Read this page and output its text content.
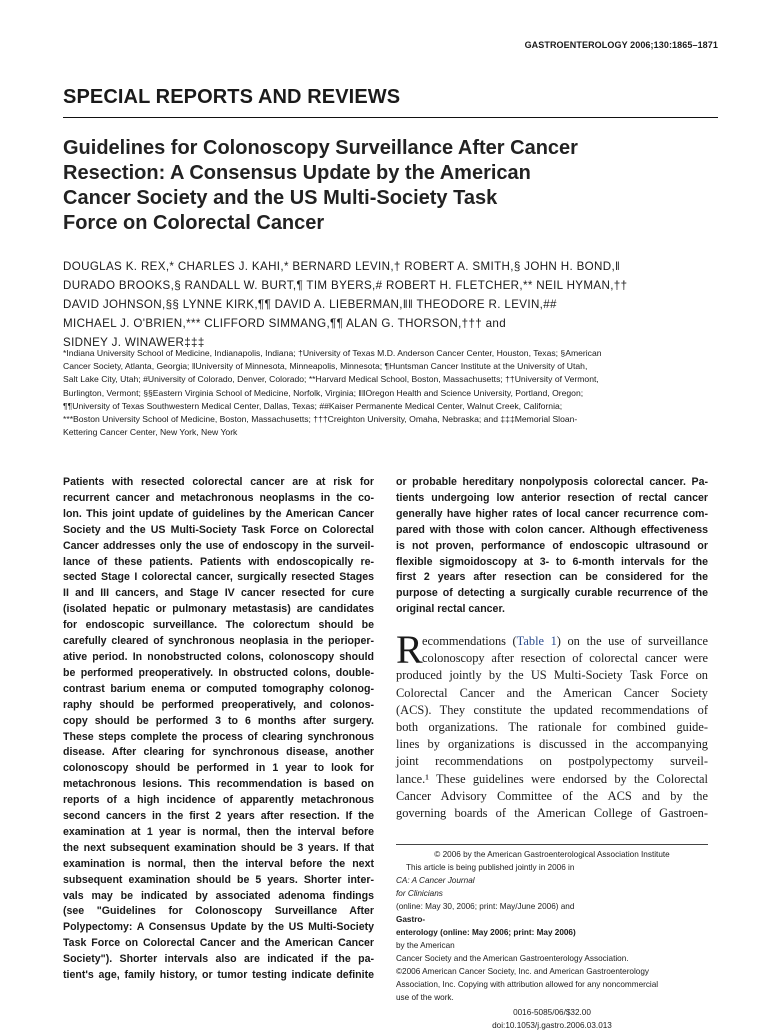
GASTROENTEROLOGY 2006;130:1865–1871
SPECIAL REPORTS AND REVIEWS
Guidelines for Colonoscopy Surveillance After Cancer
Resection: A Consensus Update by the American
Cancer Society and the US Multi-Society Task
Force on Colorectal Cancer
DOUGLAS K. REX,* CHARLES J. KAHI,* BERNARD LEVIN,† ROBERT A. SMITH,§ JOHN H. BOND,‖
DURADO BROOKS,§ RANDALL W. BURT,¶ TIM BYERS,# ROBERT H. FLETCHER,** NEIL HYMAN,††
DAVID JOHNSON,§§ LYNNE KIRK,¶¶ DAVID A. LIEBERMAN,‖‖ THEODORE R. LEVIN,##
MICHAEL J. O'BRIEN,*** CLIFFORD SIMMANG,¶¶ ALAN G. THORSON,††† and
SIDNEY J. WINAWER‡‡‡
*Indiana University School of Medicine, Indianapolis, Indiana; †University of Texas M.D. Anderson Cancer Center, Houston, Texas; §American
Cancer Society, Atlanta, Georgia; ‖University of Minnesota, Minneapolis, Minnesota; ¶Huntsman Cancer Institute at the University of Utah,
Salt Lake City, Utah; #University of Colorado, Denver, Colorado; **Harvard Medical School, Boston, Massachusetts; ††University of Vermont,
Burlington, Vermont; §§Eastern Virginia School of Medicine, Norfolk, Virginia; ‖‖Oregon Health and Science University, Portland, Oregon;
¶¶University of Texas Southwestern Medical Center, Dallas, Texas; ##Kaiser Permanente Medical Center, Walnut Creek, California;
***Boston University School of Medicine, Boston, Massachusetts; †††Creighton University, Omaha, Nebraska; and ‡‡‡Memorial Sloan-
Kettering Cancer Center, New York, New York
Patients with resected colorectal cancer are at risk for
recurrent cancer and metachronous neoplasms in the co-
lon. This joint update of guidelines by the American Cancer
Society and the US Multi-Society Task Force on Colorectal
Cancer addresses only the use of endoscopy in the surveil-
lance of these patients. Patients with endoscopically re-
sected Stage I colorectal cancer, surgically resected Stages
II and III cancers, and Stage IV cancer resected for cure
(isolated hepatic or pulmonary metastasis) are candidates
for endoscopic surveillance. The colorectum should be
carefully cleared of synchronous neoplasia in the perioper-
ative period. In nonobstructed colons, colonoscopy should
be performed preoperatively. In obstructed colons, double-
contrast barium enema or computed tomography colonog-
raphy should be performed preoperatively, and colonos-
copy should be performed 3 to 6 months after surgery.
These steps complete the process of clearing synchronous
disease. After clearing for synchronous disease, another
colonoscopy should be performed in 1 year to look for
metachronous lesions. This recommendation is based on
reports of a high incidence of apparently metachronous
second cancers in the first 2 years after resection. If the
examination at 1 year is normal, then the interval before
the next subsequent examination should be 3 years. If that
examination is normal, then the interval before the next
subsequent examination should be 5 years. Shorter inter-
vals may be indicated by associated adenoma findings
(see "Guidelines for Colonoscopy Surveillance After
Polypectomy: A Consensus Update by the US Multi-Society
Task Force on Colorectal Cancer and the American Cancer
Society"). Shorter intervals also are indicated if the pa-
tient's age, family history, or tumor testing indicate definite
or probable hereditary nonpolyposis colorectal cancer. Pa-
tients undergoing low anterior resection of rectal cancer
generally have higher rates of local cancer recurrence com-
pared with those with colon cancer. Although effectiveness
is not proven, performance of endoscopic ultrasound or
flexible sigmoidoscopy at 3- to 6-month intervals for the
first 2 years after resection can be considered for the
purpose of detecting a surgically curable recurrence of the
original rectal cancer.
R ecommendations (Table 1) on the use of surveillance
colonoscopy after resection of colorectal cancer were
produced jointly by the US Multi-Society Task Force on
Colorectal Cancer and the American Cancer Society
(ACS). They constitute the updated recommendations of
both organizations. The rationale for combined guide-
lines by organizations is discussed in the accompanying
joint recommendations on postpolypectomy surveil-
lance.¹ These guidelines were endorsed by the Colorectal
Cancer Advisory Committee of the ACS and by the
governing boards of the American College of Gastroen-
© 2006 by the American Gastroenterological Association Institute
This article is being published jointly in 2006 in
CA: A Cancer Journal
for Clinicians
(online: May 30, 2006; print: May/June 2006) and
Gastro-
enterology (online: May 2006; print: May 2006)
by the American
Cancer Society and the American Gastroenterology Association.
©2006 American Cancer Society, Inc. and American Gastroenterology
Association, Inc. Copying with attribution allowed for any noncommercial
use of the work.
0016-5085/06/$32.00
doi:10.1053/j.gastro.2006.03.013
